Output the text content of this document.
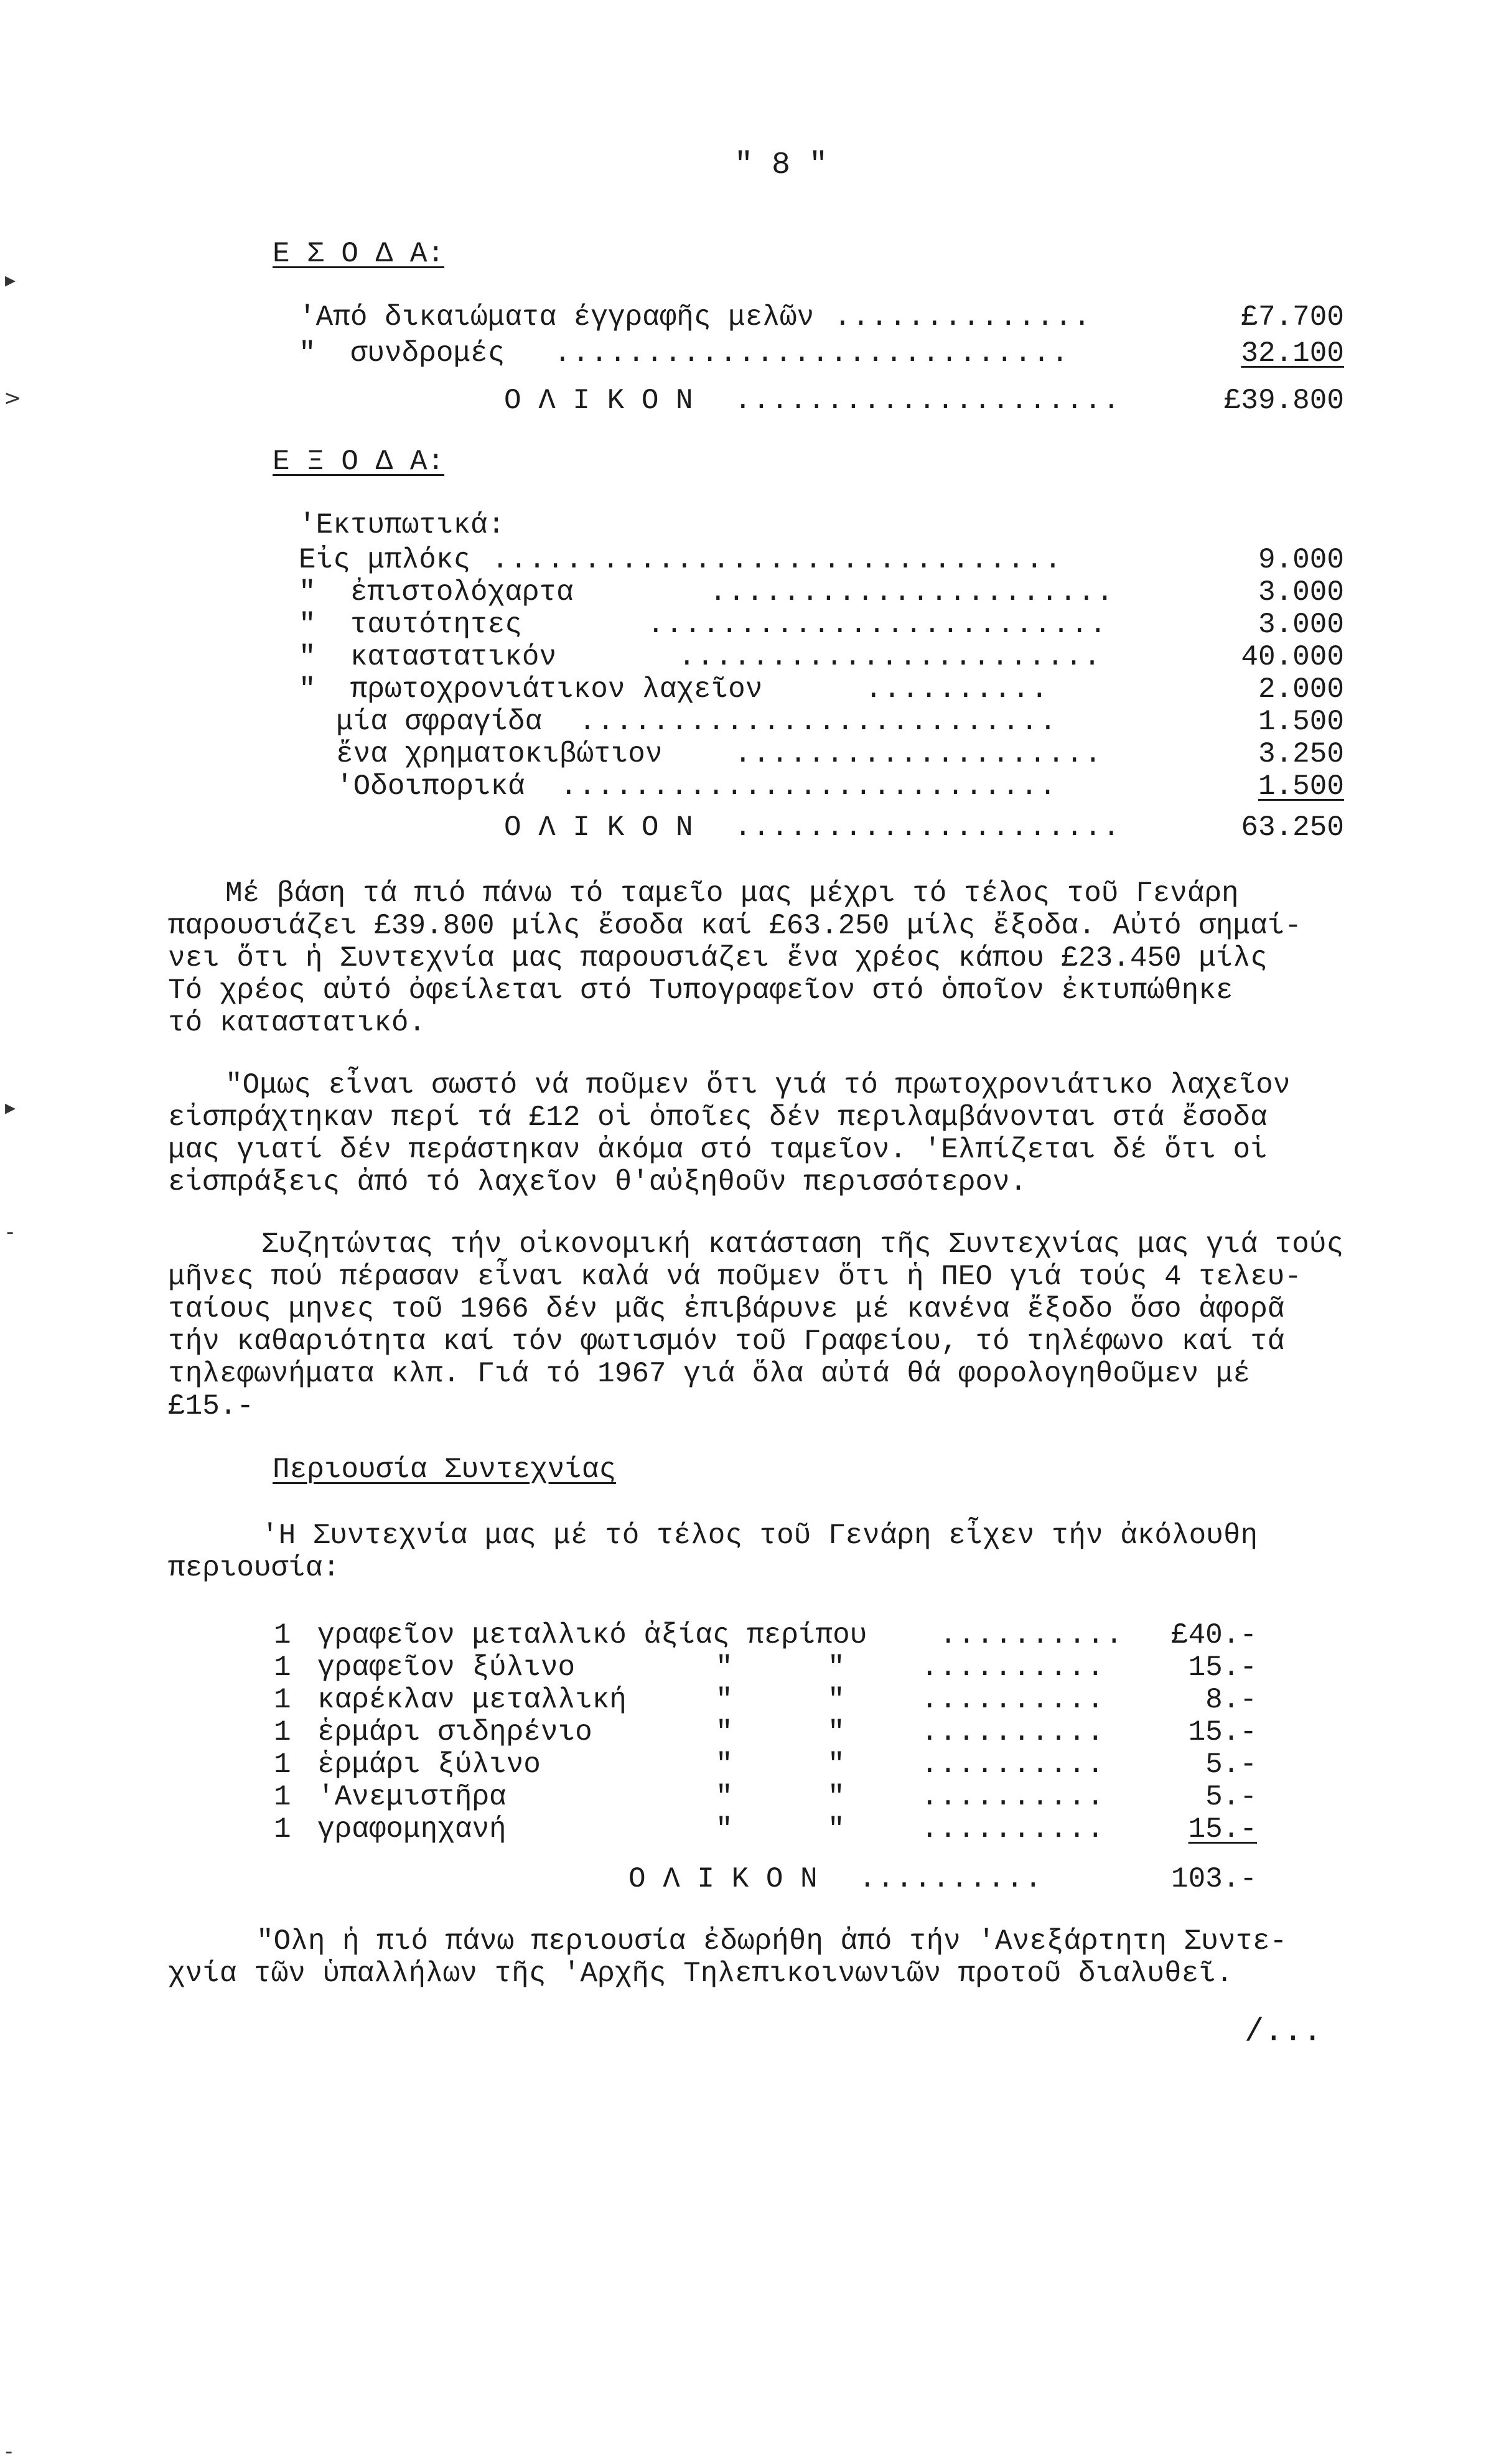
" 8 "
Ε Σ Ο Δ Α:
'Από δικαιώματα έγγραφῆς μελῶν ..............	£7.700
"  συνδρομές ............................	32.100
Ο Λ Ι Κ Ο Ν .....................	£39.800
Ε Ξ Ο Δ Α:
'Εκτυπωτικά:
Εἰς μπλόκς ...............................	9.000
"  ἐπιστολόχαρτα	......................	3.000
"  ταυτότητες	.........................	3.000
"  καταστατικόν	.......................	40.000
"  πρωτοχρονιάτικον λαχεῖον	..........	2.000
μία σφραγίδα ..........................	1.500
ἕνα χρηματοκιβώτιον	....................	3.250
'Οδοιπορικά ...........................	1.500
Ο Λ Ι Κ Ο Ν .....................	63.250
Μέ βάση τά πιό πάνω τό ταμεῖο μας μέχρι τό τέλος τοῦ Γενάρη
παρουσιάζει £39.800 μίλς ἔσοδα καί £63.250 μίλς ἔξοδα. Αὐτό σημαί-
νει ὅτι ἡ Συντεχνία μας παρουσιάζει ἕνα χρέος κάπου £23.450 μίλς
Τό χρέος αὐτό ὀφείλεται στό Τυπογραφεῖον στό ὁποῖον ἐκτυπώθηκε
τό καταστατικό.
"Ομως εἶναι σωστό νά ποῦμεν ὅτι γιά τό πρωτοχρονιάτικο λαχεῖον
εἰσπράχτηκαν περί τά £12 οἱ ὁποῖες δέν περιλαμβάνονται στά ἔσοδα
μας γιατί δέν περάστηκαν ἀκόμα στό ταμεῖον. 'Ελπίζεται δέ ὅτι οἱ
εἰσπράξεις ἀπό τό λαχεῖον θ'αὐξηθοῦν περισσότερον.
Συζητώντας τήν οἰκονομική κατάσταση τῆς Συντεχνίας μας γιά τούς
μῆνες πού πέρασαν εἶναι καλά νά ποῦμεν ὅτι ἡ ΠΕΟ γιά τούς 4 τελευ-
ταίους μηνες τοῦ 1966 δέν μᾶς ἐπιβάρυνε μέ κανένα ἔξοδο ὅσο ἀφορᾶ
τήν καθαριότητα καί τόν φωτισμόν τοῦ Γραφείου, τό τηλέφωνο καί τά
τηλεφωνήματα κλπ. Γιά τό 1967 γιά ὅλα αὐτά θά φορολογηθοῦμεν μέ
£15.-
Περιουσία Συντεχνίας
'Η Συντεχνία μας μέ τό τέλος τοῦ Γενάρη εἶχεν τήν ἀκόλουθη
περιουσία:
1 γραφεῖον μεταλλικό ἀξίας περίπου	..........	£40.-
1 γραφεῖον ξύλινο	"	"	..........	15.-
1 καρέκλαν μεταλλική	"	"	..........	8.-
1 ἑρμάρι σιδηρένιο	"	"	..........	15.-
1 ἑρμάρι ξύλινο	"	"	..........	5.-
1 'Ανεμιστῆρα	"	"	..........	5.-
1 γραφομηχανή	"	"	..........	15.-
Ο Λ Ι Κ Ο Ν ..........	103.-
"Ολη ἡ πιό πάνω περιουσία ἐδωρήθη ἀπό τήν 'Ανεξάρτητη Συντε-
χνία τῶν ὑπαλλήλων τῆς 'Αρχῆς Τηλεπικοινωνιῶν προτοῦ διαλυθεῖ.
/...
▸
>
▸
-
-
